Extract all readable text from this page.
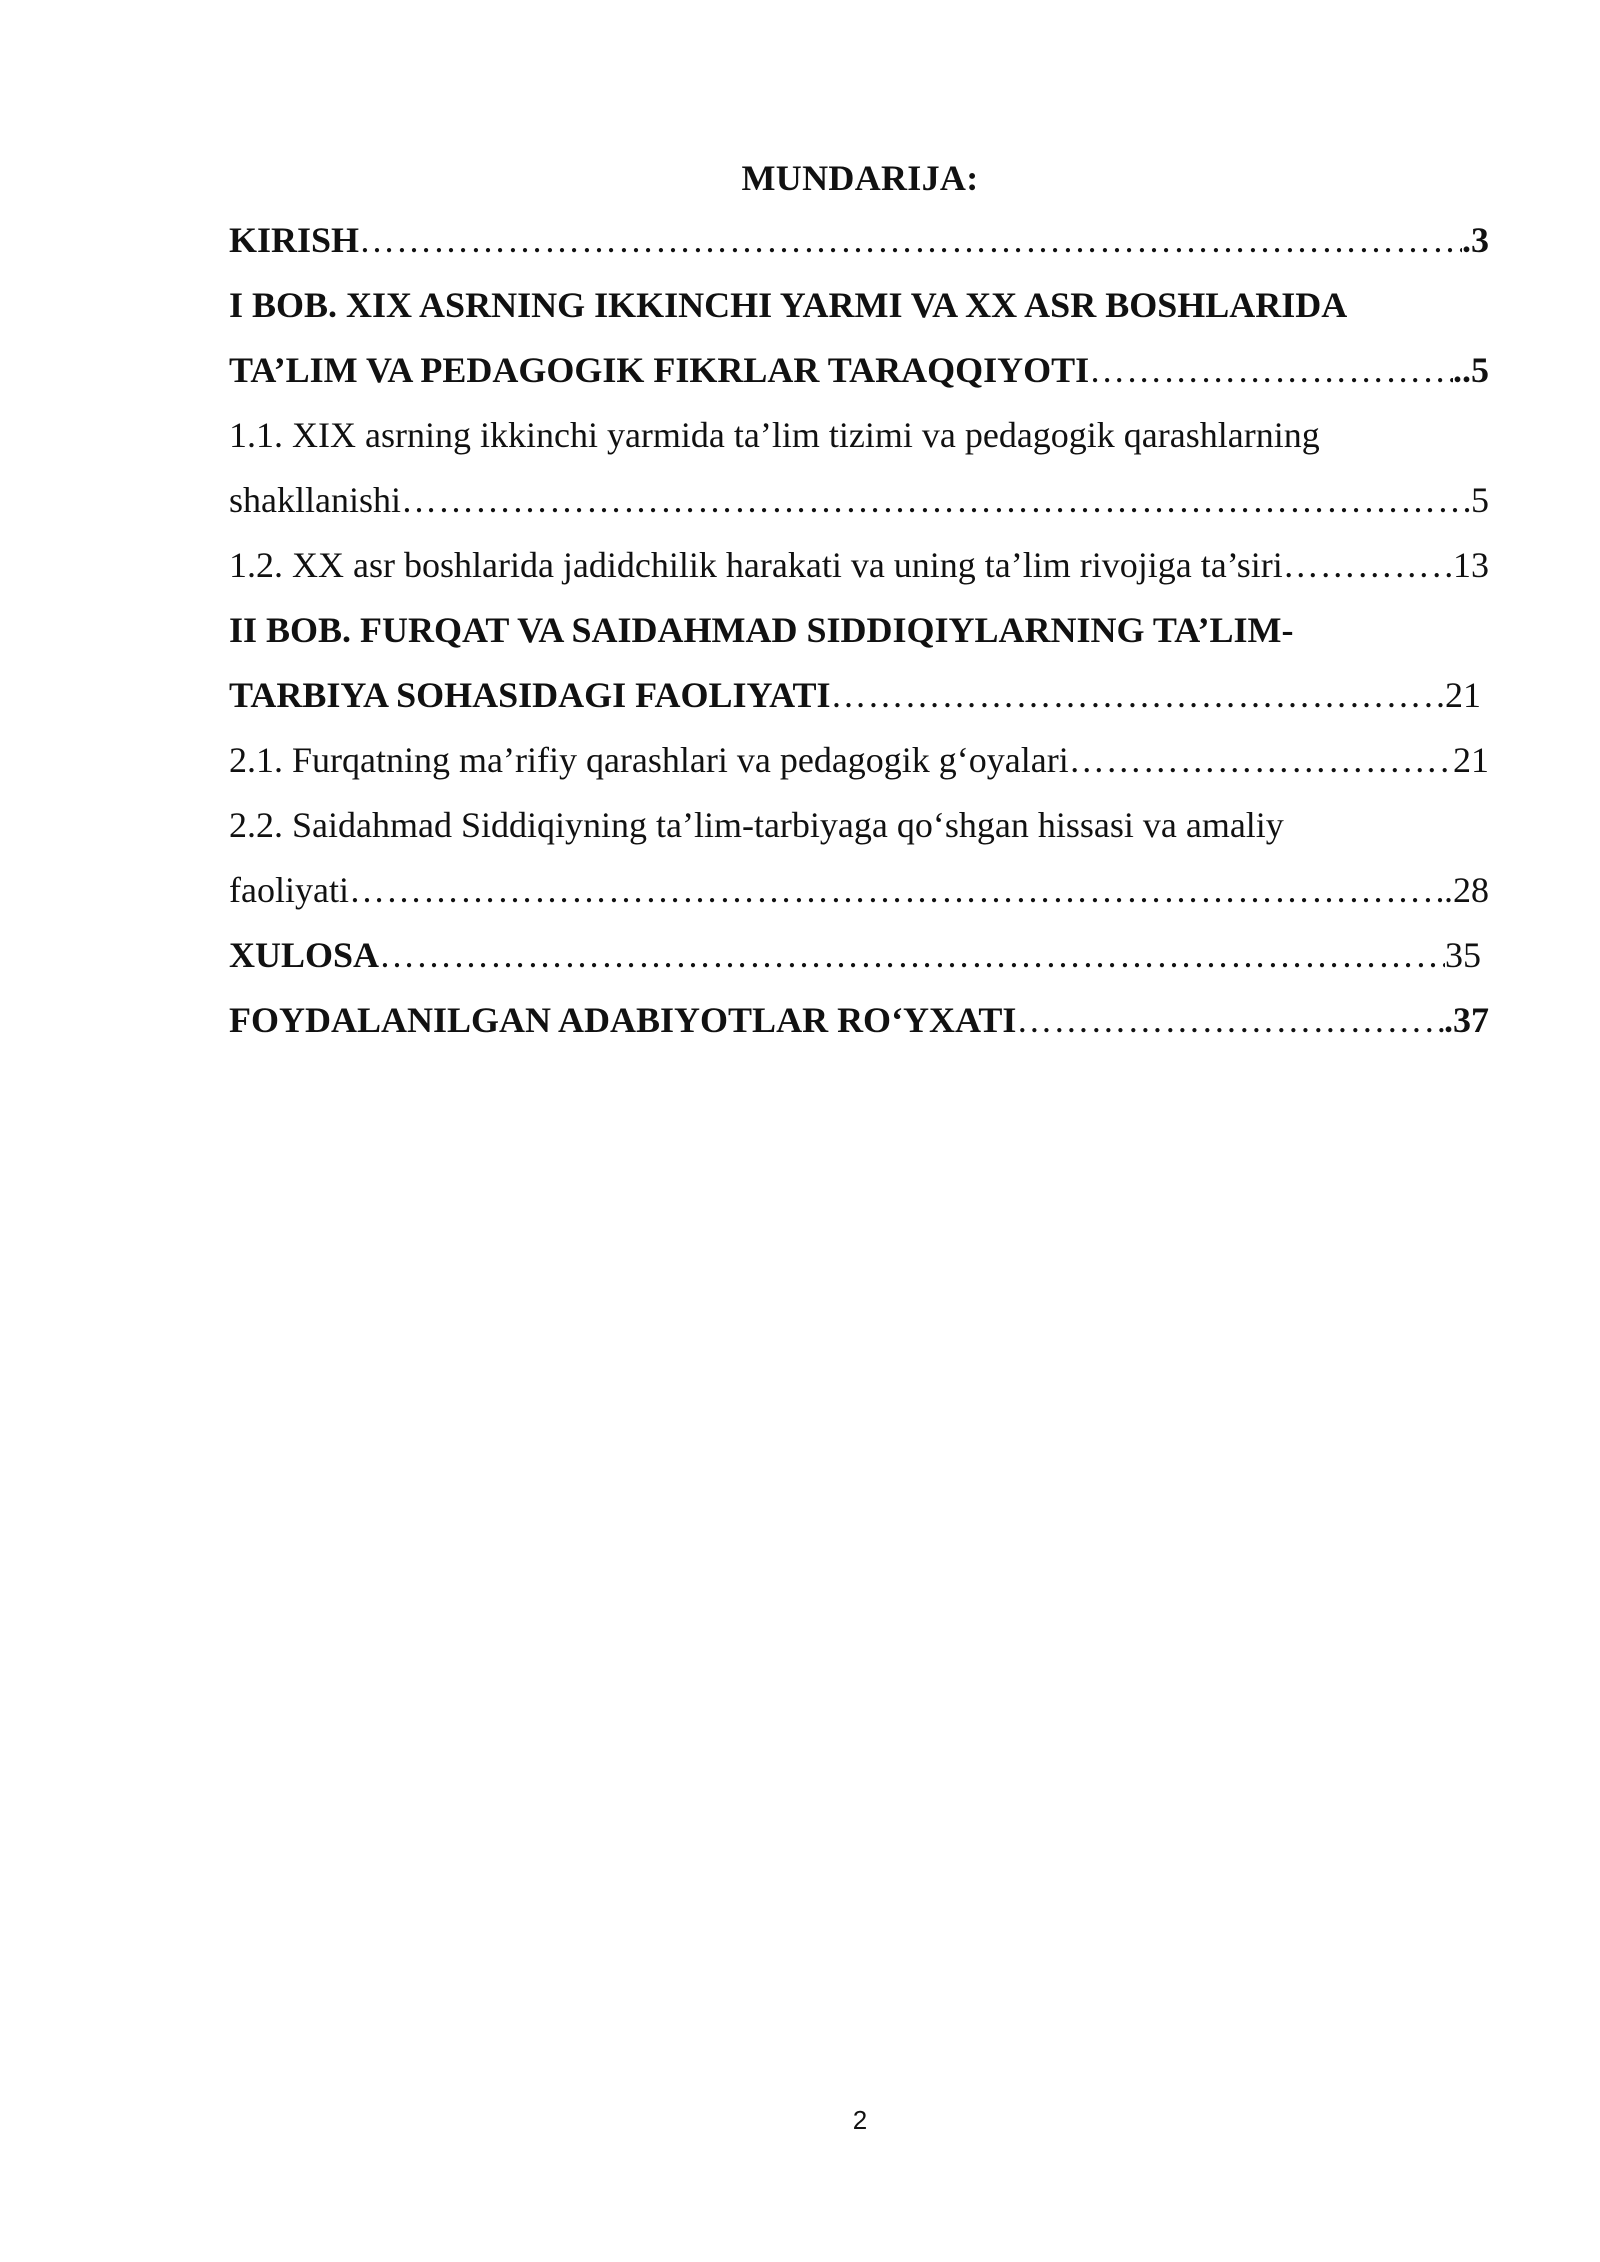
MUNDARIJA:
KIRISH ………………………………………………………………………………………………………………………………………………………………………………………………………………………	.3
I BOB. XIX ASRNING IKKINCHI YARMI VA XX ASR BOSHLARIDA
TA’LIM VA PEDAGOGIK FIKRLAR TARAQQIYOTI ………………………………………………………………………………………………………………………………………………………………………………………………………………………	..5
1.1. XIX asrning ikkinchi yarmida ta’lim tizimi va pedagogik qarashlarning
shakllanishi ………………………………………………………………………………………………………………………………………………………………………………………………………………………	5
1.2. XX asr boshlarida jadidchilik harakati va uning ta’lim rivojiga ta’siri ………………………………………………………………………………………………………………………………………………………………………………………………………………………	13
II BOB. FURQAT VA SAIDAHMAD SIDDIQIYLARNING TA’LIM-
TARBIYA SOHASIDAGI FAOLIYATI ………………………………………………………………………………………………………………………………………………………………………………………………………………………	21
2.1. Furqatning ma’rifiy qarashlari va pedagogik g‘oyalari ………………………………………………………………………………………………………………………………………………………………………………………………………………………	21
2.2. Saidahmad Siddiqiyning ta’lim-tarbiyaga qo‘shgan hissasi va amaliy
faoliyati ………………………………………………………………………………………………………………………………………………………………………………………………………………………	.28
XULOSA ………………………………………………………………………………………………………………………………………………………………………………………………………………………	35
FOYDALANILGAN ADABIYOTLAR RO‘YXATI ………………………………………………………………………………………………………………………………………………………………………………………………………………………	.37
2
